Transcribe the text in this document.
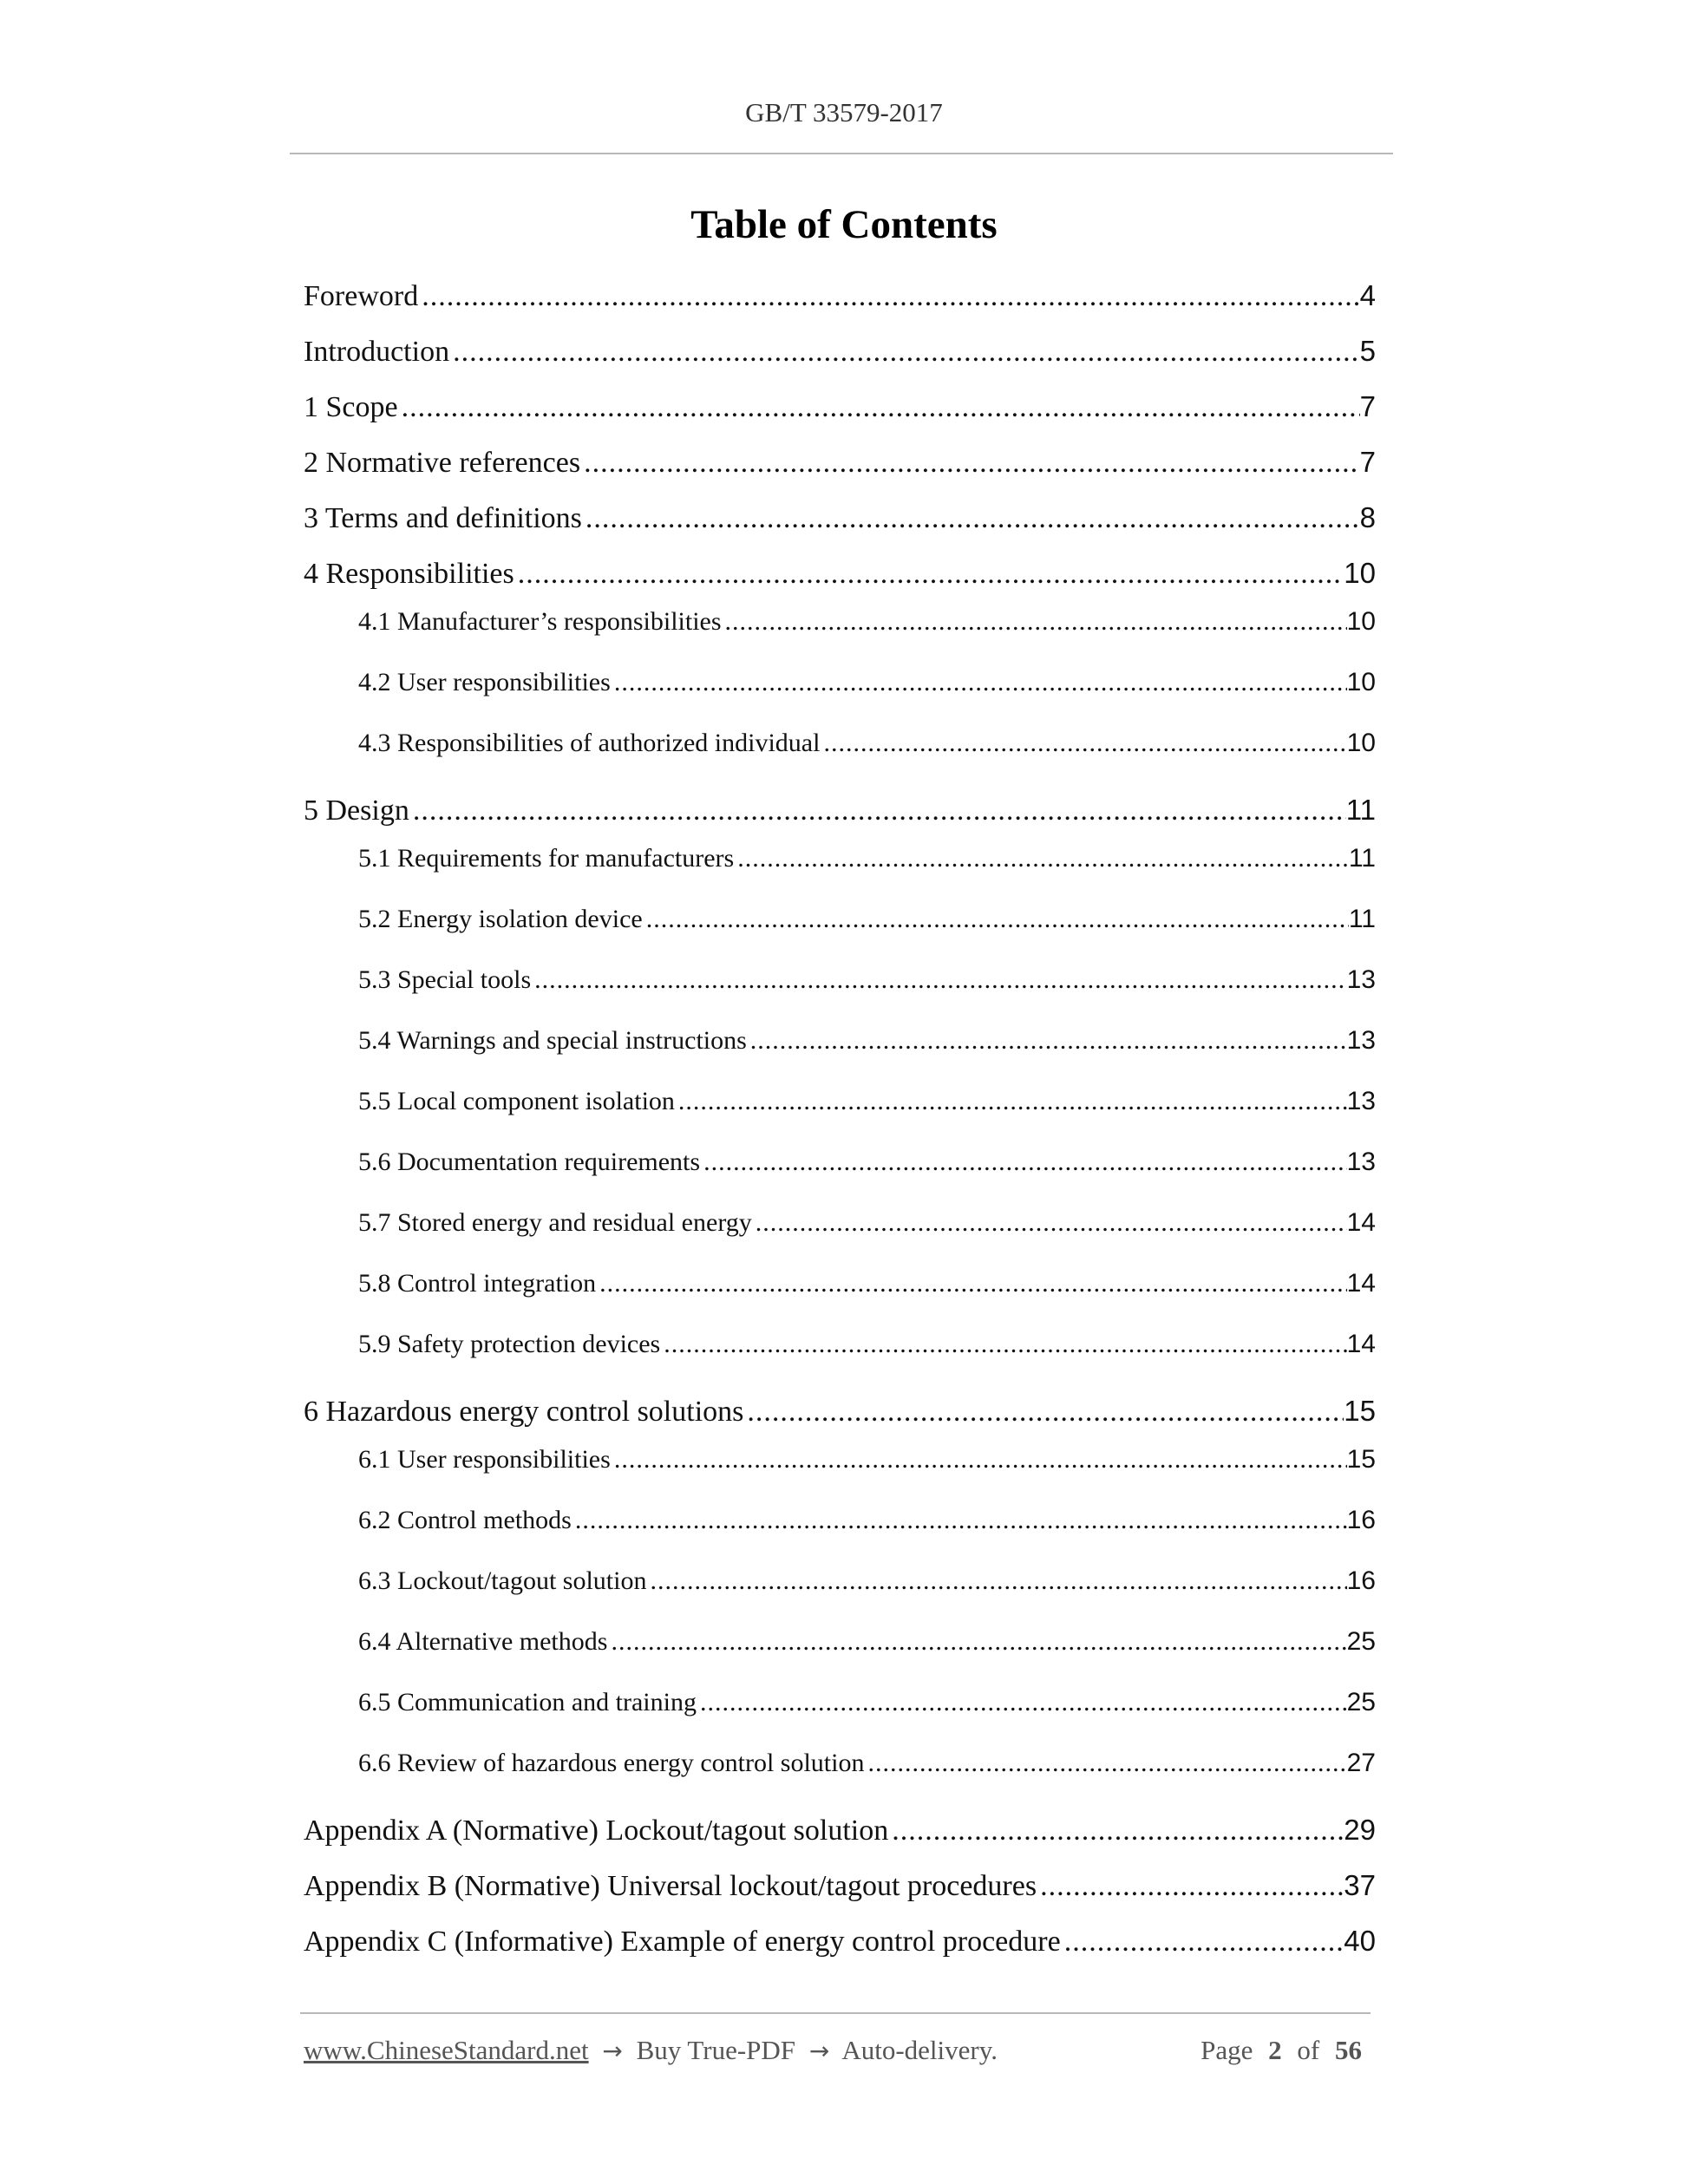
GB/T 33579-2017
Table of Contents
Foreword .....	4
Introduction .....	5
1 Scope .....	7
2 Normative references .....	7
3 Terms and definitions .....	8
4 Responsibilities .....	10
4.1 Manufacturer’s responsibilities .....	10
4.2 User responsibilities .....	10
4.3 Responsibilities of authorized individual .....	10
5 Design .....	11
5.1 Requirements for manufacturers .....	11
5.2 Energy isolation device .....	11
5.3 Special tools .....	13
5.4 Warnings and special instructions .....	13
5.5 Local component isolation .....	13
5.6 Documentation requirements .....	13
5.7 Stored energy and residual energy .....	14
5.8 Control integration .....	14
5.9 Safety protection devices .....	14
6 Hazardous energy control solutions .....	15
6.1 User responsibilities .....	15
6.2 Control methods .....	16
6.3 Lockout/tagout solution .....	16
6.4 Alternative methods .....	25
6.5 Communication and training .....	25
6.6 Review of hazardous energy control solution .....	27
Appendix A (Normative) Lockout/tagout solution .....	29
Appendix B (Normative) Universal lockout/tagout procedures .....	37
Appendix C (Informative) Example of energy control procedure .....	40
www.ChineseStandard.net → Buy True-PDF → Auto-delivery.	Page 2 of 56
